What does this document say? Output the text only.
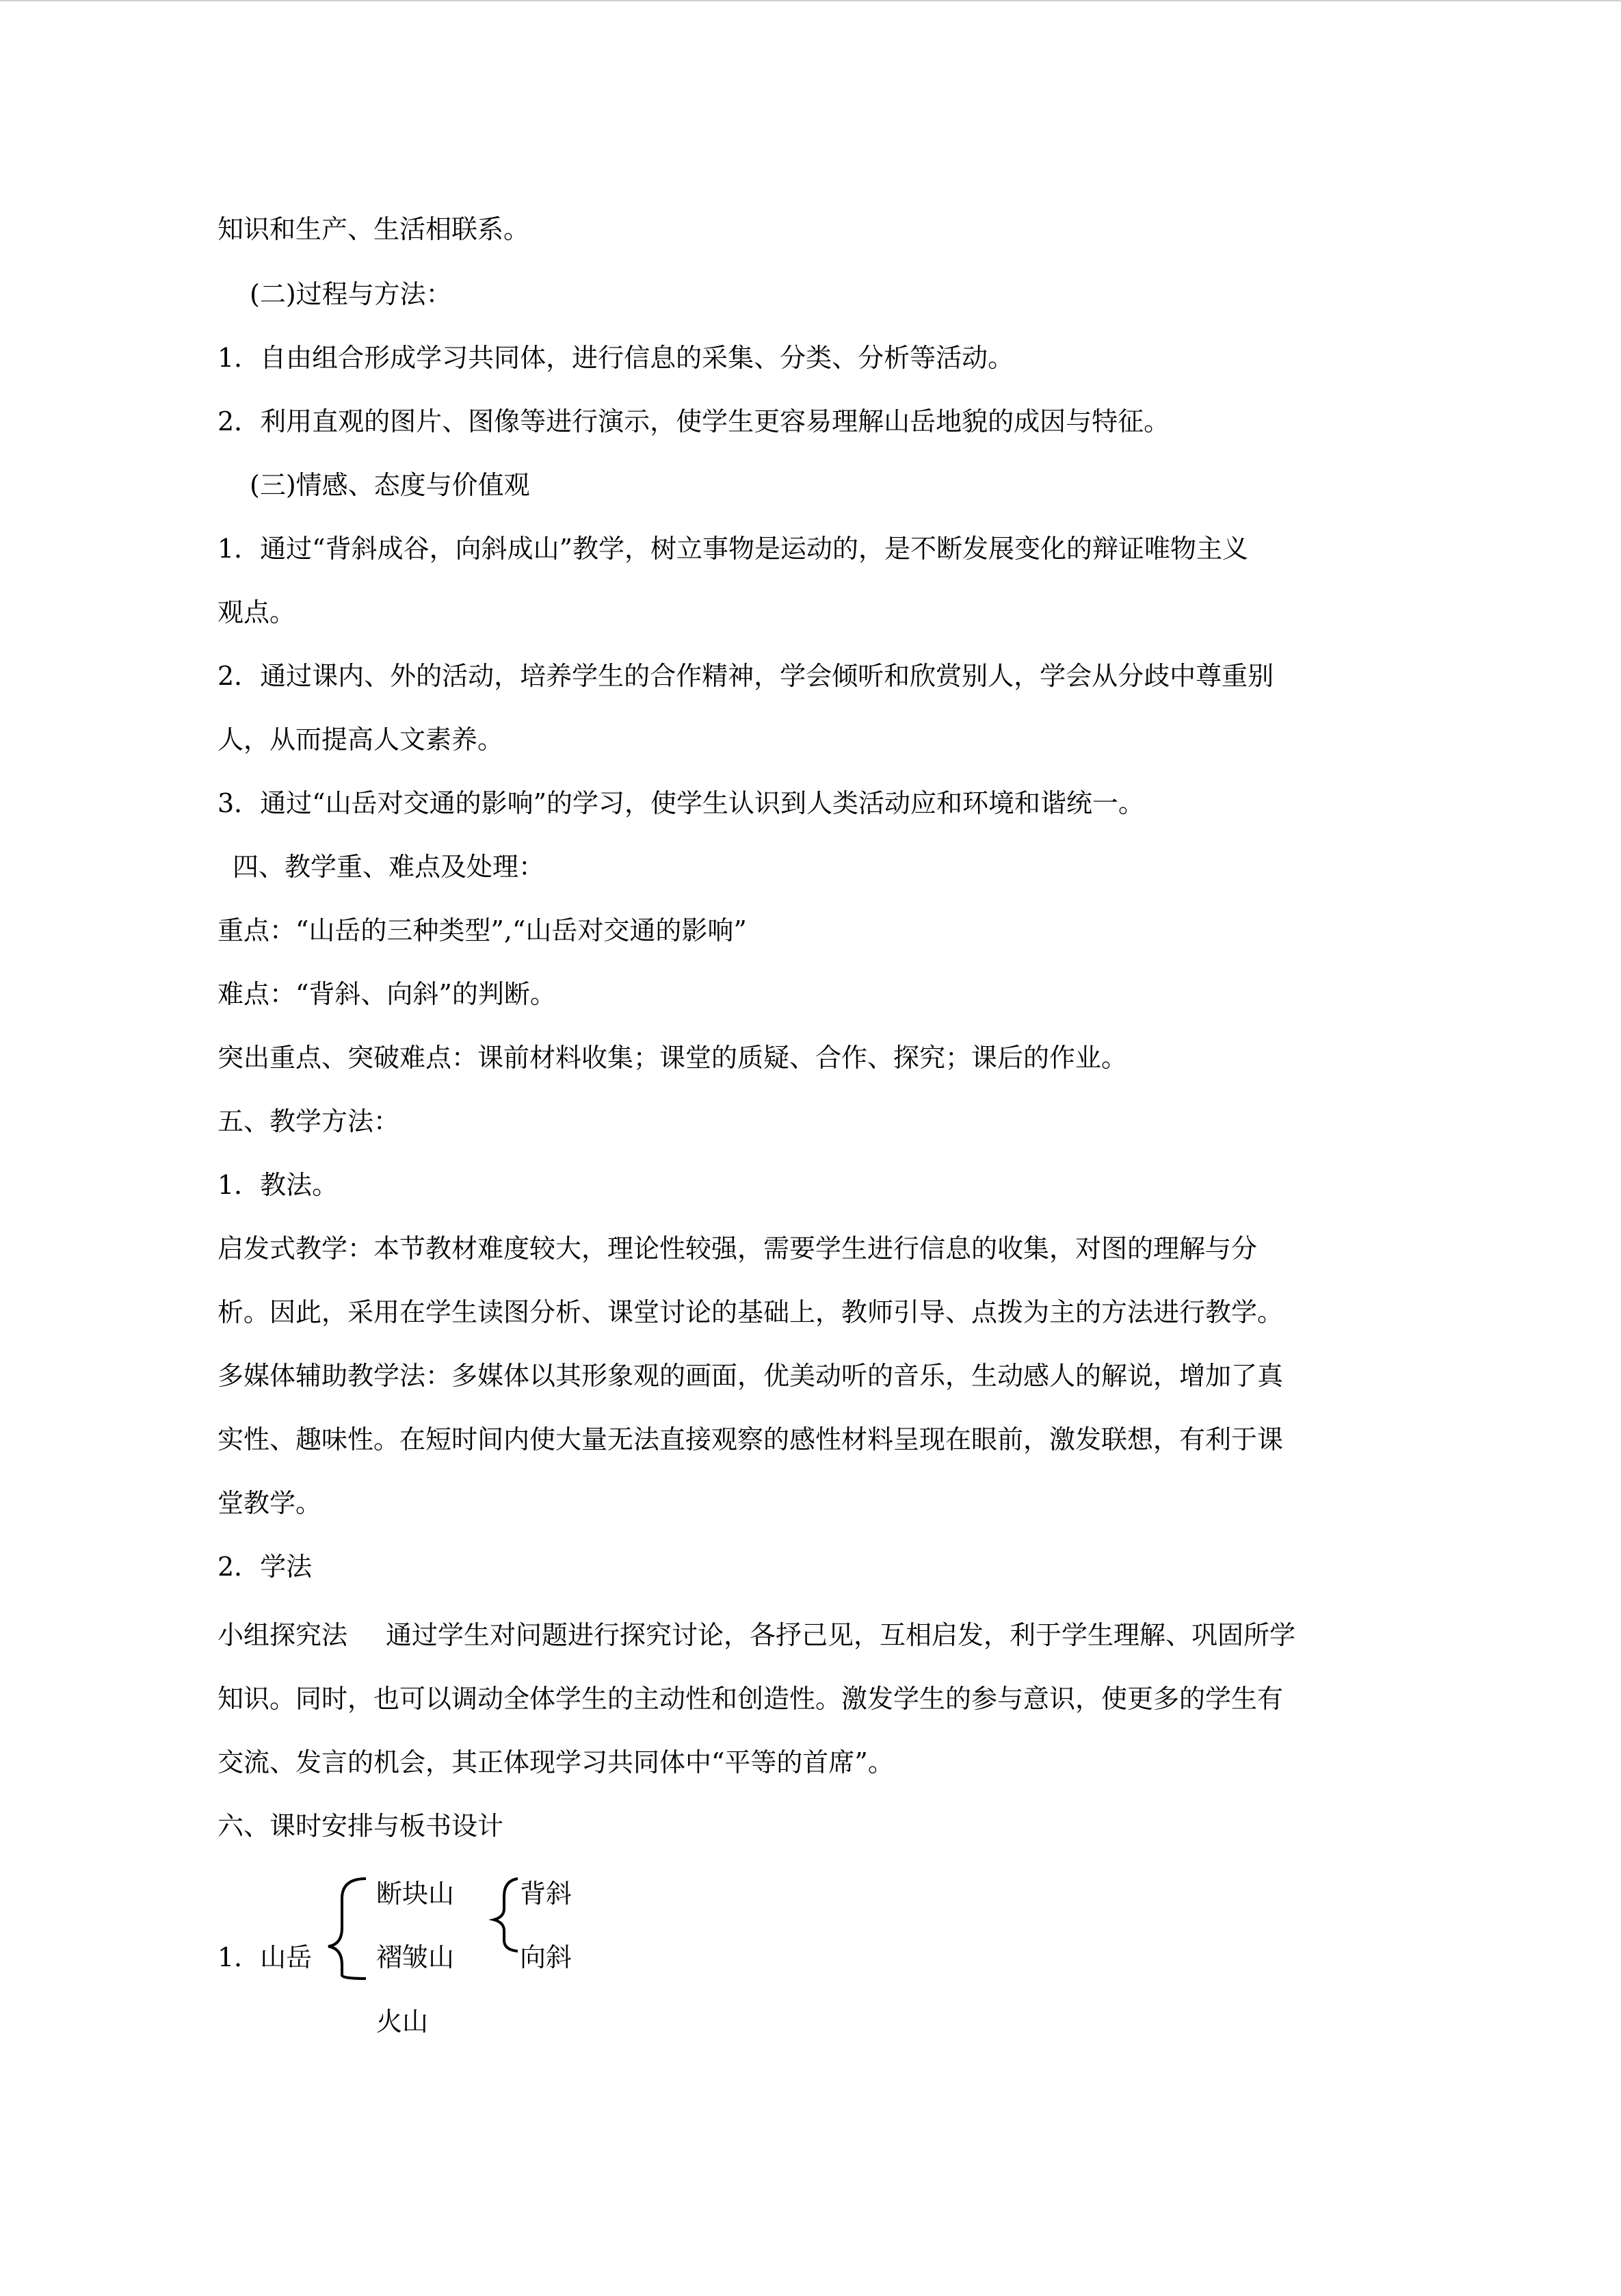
知识和生产、生活相联系。
(二)过程与方法：
1．自由组合形成学习共同体，进行信息的采集、分类、分析等活动。
2．利用直观的图片、图像等进行演示，使学生更容易理解山岳地貌的成因与特征。
(三)情感、态度与价值观
1．通过“背斜成谷，向斜成山”教学，树立事物是运动的，是不断发展变化的辩证唯物主义
观点。
2．通过课内、外的活动，培养学生的合作精神，学会倾听和欣赏别人，学会从分歧中尊重别
人，从而提高人文素养。
3．通过“山岳对交通的影响”的学习，使学生认识到人类活动应和环境和谐统一。
四、教学重、难点及处理：
重点：“山岳的三种类型”,“山岳对交通的影响”
难点：“背斜、向斜”的判断。
突出重点、突破难点：课前材料收集；课堂的质疑、合作、探究；课后的作业。
五、教学方法：
1．教法。
启发式教学：本节教材难度较大，理论性较强，需要学生进行信息的收集，对图的理解与分
析。因此，采用在学生读图分析、课堂讨论的基础上，教师引导、点拨为主的方法进行教学。
多媒体辅助教学法：多媒体以其形象观的画面，优美动听的音乐，生动感人的解说，增加了真
实性、趣味性。在短时间内使大量无法直接观察的感性材料呈现在眼前，激发联想，有利于课
堂教学。
2．学法
小组探究法 通过学生对问题进行探究讨论，各抒己见，互相启发，利于学生理解、巩固所学
知识。同时，也可以调动全体学生的主动性和创造性。激发学生的参与意识，使更多的学生有
交流、发言的机会，其正体现学习共同体中“平等的首席”。
六、课时安排与板书设计
1．山岳
断块山
褶皱山
火山
背斜
向斜
